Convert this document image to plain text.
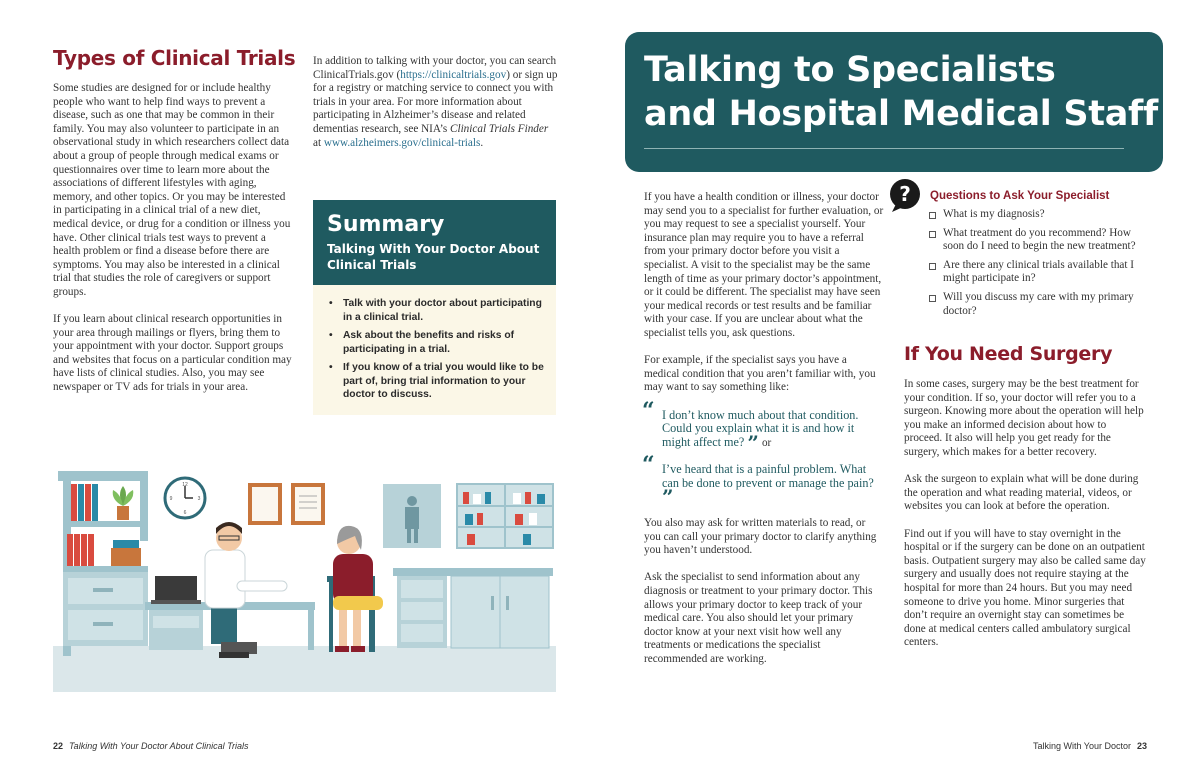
Types of Clinical Trials

Some studies are designed for or include healthy people who want to help find ways to prevent a disease, such as one that may be common in their family. You may also volunteer to participate in an observational study in which researchers collect data about a group of people through medical exams or questionnaires over time to learn more about the associations of different lifestyles with aging, memory, and other topics. Or you may be interested in participating in a clinical trial of a new diet, medical device, or drug for a condition or illness you have. Other clinical trials test ways to prevent a health problem or find a disease before there are symptoms. You may also be interested in a clinical trial that studies the role of caregivers or support groups.

If you learn about clinical research opportunities in your area through mailings or flyers, bring them to your appointment with your doctor. Support groups and websites that focus on a particular condition may have lists of clinical studies. Also, you may see newspaper or TV ads for trials in your area.

In addition to talking with your doctor, you can search ClinicalTrials.gov (https://clinicaltrials.gov) or sign up for a registry or matching service to connect you with trials in your area. For more information about participating in Alzheimer’s disease and related dementias research, see NIA’s Clinical Trials Finder at www.alzheimers.gov/clinical-trials.

Summary
Talking With Your Doctor About Clinical Trials
• Talk with your doctor about participating in a clinical trial.
• Ask about the benefits and risks of participating in a trial.
• If you know of a trial you would like to be part of, bring trial information to your doctor to discuss.
12
3
6
9
22 Talking With Your Doctor About Clinical Trials
Talking to Specialists
and Hospital Medical Staff

If you have a health condition or illness, your doctor may send you to a specialist for further evaluation, or you may request to see a specialist yourself. Your insurance plan may require you to have a referral from your primary doctor before you visit a specialist. A visit to the specialist may be the same length of time as your primary doctor’s appointment, or it could be different. The specialist may have seen your medical records or test results and be familiar with your case. If you are unclear about what the specialist tells you, ask questions.

For example, if the specialist says you have a medical condition that you aren’t familiar with, you may want to say something like:

“ I don’t know much about that condition. Could you explain what it is and how it might affect me? ” or
“ I’ve heard that is a painful problem. What can be done to prevent or manage the pain? ”

You also may ask for written materials to read, or you can call your primary doctor to clarify anything you haven’t understood.

Ask the specialist to send information about any diagnosis or treatment to your primary doctor. This allows your primary doctor to keep track of your medical care. You also should let your primary doctor know at your next visit how well any treatments or medications the specialist recommended are working.

? Questions to Ask Your Specialist
What is my diagnosis?
What treatment do you recommend? How soon do I need to begin the new treatment?
Are there any clinical trials available that I might participate in?
Will you discuss my care with my primary doctor?
If You Need Surgery

In some cases, surgery may be the best treatment for your condition. If so, your doctor will refer you to a surgeon. Knowing more about the operation will help you make an informed decision about how to proceed. It also will help you get ready for the surgery, which makes for a better recovery.

Ask the surgeon to explain what will be done during the operation and what reading material, videos, or websites you can look at before the operation.

Find out if you will have to stay overnight in the hospital or if the surgery can be done on an outpatient basis. Outpatient surgery may also be called same day surgery and usually does not require staying at the hospital for more than 24 hours. But you may need someone to drive you home. Minor surgeries that don’t require an overnight stay can sometimes be done at medical centers called ambulatory surgical centers.

Talking With Your Doctor 23
